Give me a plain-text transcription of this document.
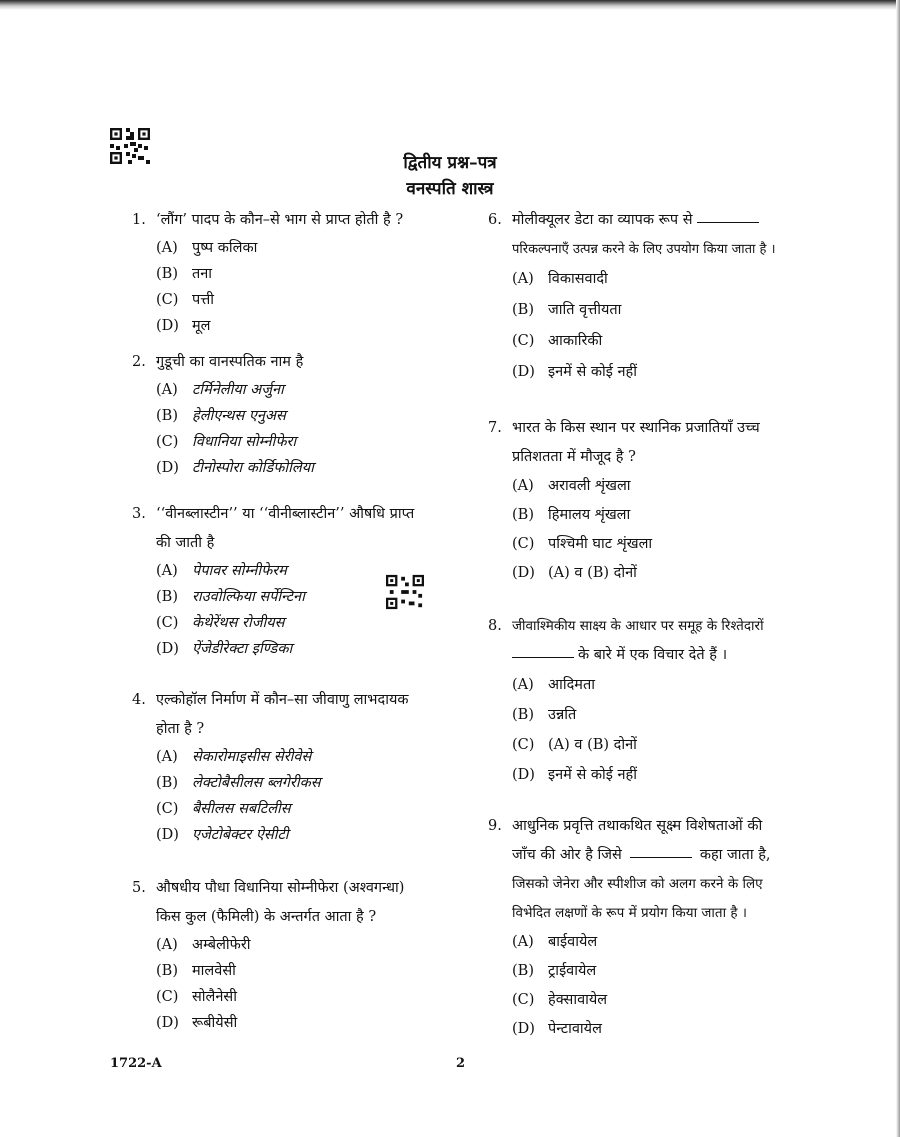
द्वितीय प्रश्न–पत्र
वनस्पति शास्त्र
1. ‘लौंग’ पादप के कौन–से भाग से प्राप्त होती है ?
(A) पुष्प कलिका
(B) तना
(C) पत्ती
(D) मूल
2. गुडूची का वानस्पतिक नाम है
(A) टर्मिनेलीया अर्जुना
(B) हेलीएन्थस एनुअस
(C) विधानिया सोम्नीफेरा
(D) टीनोस्पोरा कोर्डिफोलिया
3. ‘‘वीनब्लास्टीन’’ या ‘‘वीनीब्लास्टीन’’ औषधि प्राप्त
की जाती है
(A) पेपावर सोम्नीफेरम
(B) राउवोल्फिया सर्पेन्टिना
(C) केथेरेंथस रोजीयस
(D) ऐंजेडीरेक्टा इण्डिका
4. एल्कोहॉल निर्माण में कौन–सा जीवाणु लाभदायक
होता है ?
(A) सेकारोमाइसीस सेरीवेसे
(B) लेक्टोबैसीलस ब्लगेरीकस
(C) बैसीलस सबटिलीस
(D) एजेटोबेक्टर ऐसीटी
5. औषधीय पौधा विधानिया सोम्नीफेरा (अश्वगन्धा)
किस कुल (फैमिली) के अन्तर्गत आता है ?
(A) अम्बेलीफेरी
(B) मालवेसी
(C) सोलैनेसी
(D) रूबीयेसी
6. मोलीक्यूलर डेटा का व्यापक रूप से
परिकल्पनाएँ उत्पन्न करने के लिए उपयोग किया जाता है ।
(A) विकासवादी
(B) जाति वृत्तीयता
(C) आकारिकी
(D) इनमें से कोई नहीं
7. भारत के किस स्थान पर स्थानिक प्रजातियाँ उच्च
प्रतिशतता में मौजूद है ?
(A) अरावली शृंखला
(B) हिमालय शृंखला
(C) पश्चिमी घाट शृंखला
(D) (A) व (B) दोनों
8. जीवाश्मिकीय साक्ष्य के आधार पर समूह के रिश्तेदारों
के बारे में एक विचार देते हैं ।
(A) आदिमता
(B) उन्नति
(C) (A) व (B) दोनों
(D) इनमें से कोई नहीं
9. आधुनिक प्रवृत्ति तथाकथित सूक्ष्म विशेषताओं की
जाँच की ओर है जिसे	कहा जाता है,
जिसको जेनेरा और स्पीशीज को अलग करने के लिए
विभेदित लक्षणों के रूप में प्रयोग किया जाता है ।
(A) बाईवायेल
(B) ट्राईवायेल
(C) हेक्सावायेल
(D) पेन्टावायेल
1722-A	2
